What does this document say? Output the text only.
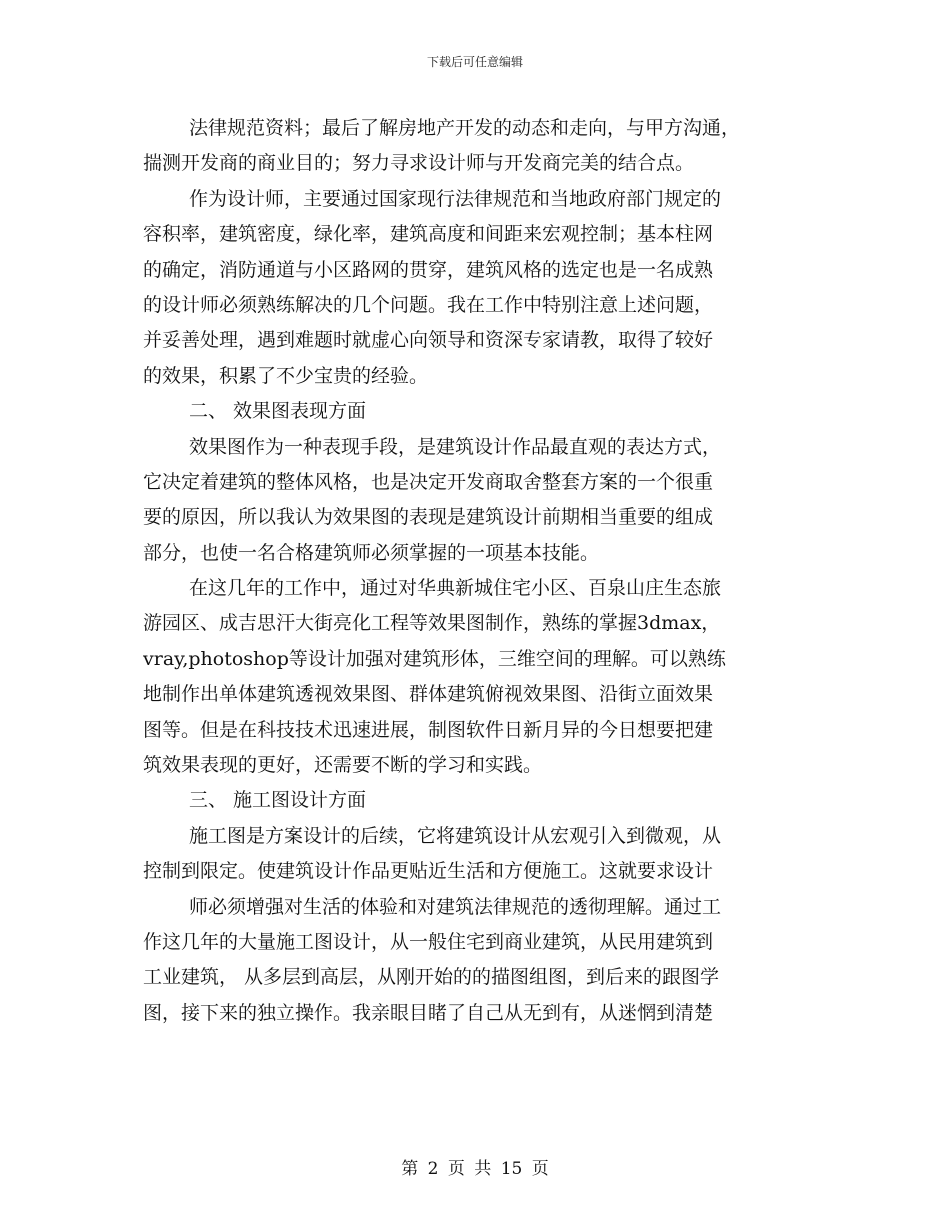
下载后可任意编辑
法律规范资料；最后了解房地产开发的动态和走向，与甲方沟通，
揣测开发商的商业目的；努力寻求设计师与开发商完美的结合点。
作为设计师，主要通过国家现行法律规范和当地政府部门规定的
容积率，建筑密度，绿化率，建筑高度和间距来宏观控制；基本柱网
的确定，消防通道与小区路网的贯穿，建筑风格的选定也是一名成熟
的设计师必须熟练解决的几个问题。我在工作中特别注意上述问题，
并妥善处理，遇到难题时就虚心向领导和资深专家请教，取得了较好
的效果，积累了不少宝贵的经验。
二、 效果图表现方面
效果图作为一种表现手段，是建筑设计作品最直观的表达方式，
它决定着建筑的整体风格，也是决定开发商取舍整套方案的一个很重
要的原因，所以我认为效果图的表现是建筑设计前期相当重要的组成
部分，也使一名合格建筑师必须掌握的一项基本技能。
在这几年的工作中，通过对华典新城住宅小区、百泉山庄生态旅
游园区、成吉思汗大街亮化工程等效果图制作，熟练的掌握3dmax，
vray,photoshop等设计加强对建筑形体，三维空间的理解。可以熟练
地制作出单体建筑透视效果图、群体建筑俯视效果图、沿街立面效果
图等。但是在科技技术迅速进展，制图软件日新月异的今日想要把建
筑效果表现的更好，还需要不断的学习和实践。
三、 施工图设计方面
施工图是方案设计的后续，它将建筑设计从宏观引入到微观，从
控制到限定。使建筑设计作品更贴近生活和方便施工。这就要求设计
师必须增强对生活的体验和对建筑法律规范的透彻理解。通过工
作这几年的大量施工图设计，从一般住宅到商业建筑，从民用建筑到
工业建筑， 从多层到高层，从刚开始的的描图组图，到后来的跟图学
图，接下来的独立操作。我亲眼目睹了自己从无到有，从迷惘到清楚
第 2 页 共 15 页
